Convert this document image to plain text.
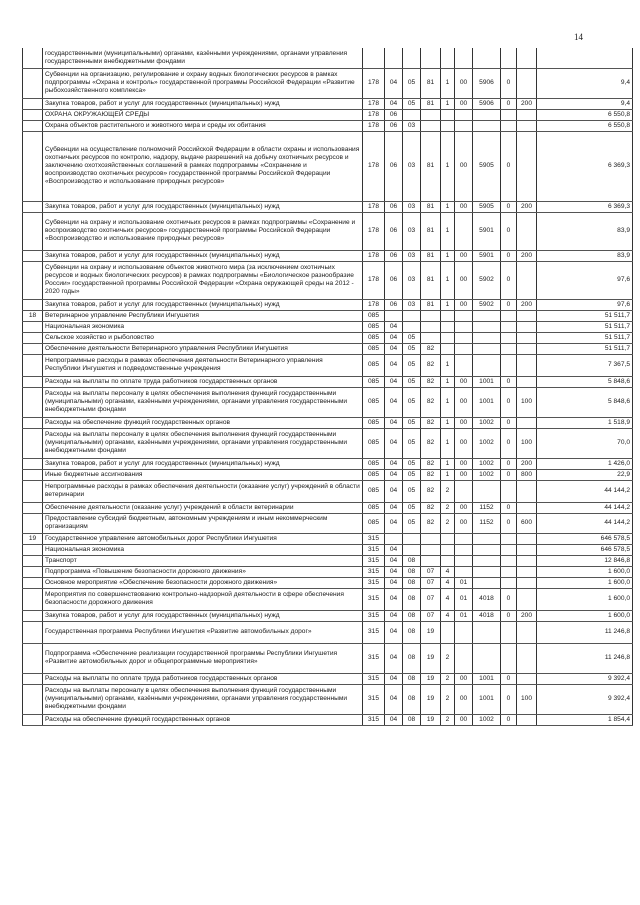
14
	государственными (муниципальными) органами, казёнными учреждениями, органами управления государственными внебюджетными фондами										
	Субвенции на организацию, регулирование и охрану водных биологических ресурсов в рамках подпрограммы «Охрана и контроль» государственной программы Российской Федерации «Развитие рыбохозяйственного комплекса»	178	04	05	81	1	00	5906	0		9,4
	Закупка товаров, работ и услуг для государственных (муниципальных) нужд	178	04	05	81	1	00	5906	0	200	9,4
	ОХРАНА ОКРУЖАЮЩЕЙ СРЕДЫ	178	06								6 550,8
	Охрана объектов растительного и животного мира и среды их обитания	178	06	03							6 550,8
	Субвенции на осуществление полномочий Российской Федерации в области охраны и использования охотничьих ресурсов по контролю, надзору, выдаче разрешений на добычу охотничьих ресурсов и заключению охотхозяйственных соглашений в рамках подпрограммы «Сохранение и воспроизводство охотничьих ресурсов» государственной программы Российской Федерации «Воспроизводство и использование природных ресурсов»	178	06	03	81	1	00	5905	0		6 369,3
	Закупка товаров, работ и услуг для государственных (муниципальных) нужд	178	06	03	81	1	00	5905	0	200	6 369,3
	Субвенции на охрану и использование охотничьих ресурсов в рамках подпрограммы «Сохранение и воспроизводство охотничьих ресурсов» государственной программы Российской Федерации «Воспроизводство и использование природных ресурсов»	178	06	03	81	1		5901	0		83,9
	Закупка товаров, работ и услуг для государственных (муниципальных) нужд	178	06	03	81	1	00	5901	0	200	83,9
	Субвенции на охрану и использование объектов животного мира (за исключением охотничьих ресурсов и водных биологических ресурсов) в рамках подпрограммы «Биологическое разнообразие России» государственной программы Российской Федерации «Охрана окружающей среды на 2012 - 2020 годы»	178	06	03	81	1	00	5902	0		97,6
	Закупка товаров, работ и услуг для государственных (муниципальных) нужд	178	06	03	81	1	00	5902	0	200	97,6
18	Ветеринарное управление Республики Ингушетия	085									51 511,7
	Национальная экономика	085	04								51 511,7
	Сельское хозяйство и рыболовство	085	04	05							51 511,7
	Обеспечение деятельности Ветеринарного управления Республики Ингушетия	085	04	05	82						51 511,7
	Непрограммные расходы в рамках обеспечения деятельности Ветеринарного управления Республики Ингушетия и подведомственные учреждения	085	04	05	82	1					7 367,5
	Расходы на выплаты по оплате труда работников государственных органов	085	04	05	82	1	00	1001	0		5 848,6
	Расходы на выплаты персоналу в целях обеспечения выполнения функций государственными (муниципальными) органами, казёнными учреждениями, органами управления государственными внебюджетными фондами	085	04	05	82	1	00	1001	0	100	5 848,6
	Расходы на обеспечение функций государственных органов	085	04	05	82	1	00	1002	0		1 518,9
	Расходы на выплаты персоналу в целях обеспечения выполнения функций государственными (муниципальными) органами, казёнными учреждениями, органами управления государственными внебюджетными фондами	085	04	05	82	1	00	1002	0	100	70,0
	Закупка товаров, работ и услуг для государственных (муниципальных) нужд	085	04	05	82	1	00	1002	0	200	1 426,0
	Иные бюджетные ассигнования	085	04	05	82	1	00	1002	0	800	22,9
	Непрограммные расходы в рамках обеспечения деятельности (оказание услуг) учреждений в области ветеринарии	085	04	05	82	2					44 144,2
	Обеспечение деятельности (оказание услуг) учреждений в области ветеринарии	085	04	05	82	2	00	1152	0		44 144,2
	Предоставление субсидий бюджетным, автономным учреждениям и иным некоммерческим организациям	085	04	05	82	2	00	1152	0	600	44 144,2
19	Государственное управление автомобильных дорог Республики Ингушетия	315									646 578,5
	Национальная экономика	315	04								646 578,5
	Транспорт	315	04	08							12 846,8
	Подпрограмма «Повышение безопасности дорожного движения»	315	04	08	07	4					1 600,0
	Основное мероприятие «Обеспечение безопасности дорожного движения»	315	04	08	07	4	01				1 600,0
	Мероприятия по совершенствованию контрольно-надзорной деятельности в сфере обеспечения безопасности дорожного движения	315	04	08	07	4	01	4018	0		1 600,0
	Закупка товаров, работ и услуг для государственных (муниципальных) нужд	315	04	08	07	4	01	4018	0	200	1 600,0
	Государственная программа Республики Ингушетия «Развитие автомобильных дорог»	315	04	08	19						11 246,8
	Подпрограмма «Обеспечение реализации государственной программы Республики Ингушетия «Развитие автомобильных дорог и общепрограммные мероприятия»	315	04	08	19	2					11 246,8
	Расходы на выплаты по оплате труда работников государственных органов	315	04	08	19	2	00	1001	0		9 392,4
	Расходы на выплаты персоналу в целях обеспечения выполнения функций государственными (муниципальными) органами, казёнными учреждениями, органами управления государственными внебюджетными фондами	315	04	08	19	2	00	1001	0	100	9 392,4
	Расходы на обеспечение функций государственных органов	315	04	08	19	2	00	1002	0		1 854,4
